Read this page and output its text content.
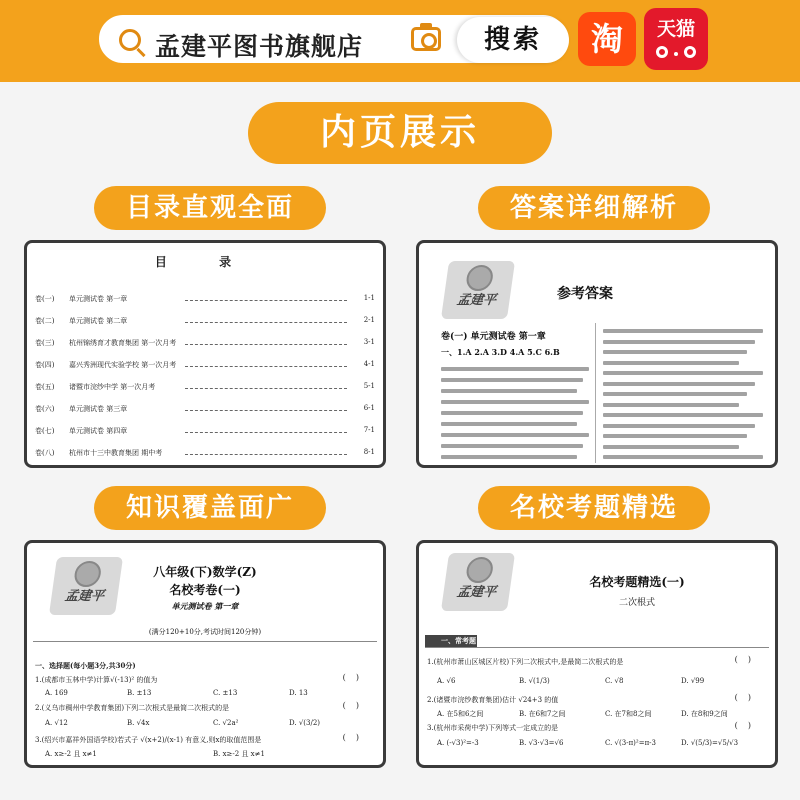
孟建平图书旗舰店	搜索	淘	天猫
内页展示
目录直观全面	答案详细解析
知识覆盖面广	名校考题精选
目 录
卷(一)	单元测试卷 第一章	1-1
卷(二)	单元测试卷 第二章	2-1
卷(三)	杭州锦绣育才教育集团 第一次月考	3-1
卷(四)	嘉兴秀洲现代实验学校 第一次月考	4-1
卷(五)	诸暨市浣纱中学 第一次月考	5-1
卷(六)	单元测试卷 第三章	6-1
卷(七)	单元测试卷 第四章	7-1
卷(八)	杭州市十三中教育集团 期中考	8-1
孟建平	参考答案
卷(一) 单元测试卷 第一章
一、1.A 2.A 3.D 4.A 5.C 6.B
孟建平
八年级(下)数学(Z)
名校考卷(一)
单元测试卷 第一章
(满分120+10分,考试时间120分钟)
一、选择题(每小题3分,共30分)
1.(成都市玉林中学)计算√(-13)² 的值为	(    )
A. 169	B. ±13	C. ±13	D. 13
2.(义乌市稠州中学教育集团)下列二次根式是最简二次根式的是	(    )
A. √12	B. √4x	C. √2a²	D. √(3/2)
3.(绍兴市嘉祥外国语学校)若式子 √(x+2)/(x-1) 有意义,则x的取值范围是	(    )
A. x≥-2 且 x≠1	B. x≥-2 且 x≠1
孟建平
名校考题精选(一)
二次根式
一、常考题
1.(杭州市萧山区城区片校)下列二次根式中,是最简二次根式的是	(    )
A. √6	B. √(1/3)	C. √8	D. √99
2.(诸暨市浣纱教育集团)估计 √24+3 的值	(    )
A. 在5和6之间	B. 在6和7之间	C. 在7和8之间	D. 在8和9之间
3.(杭州市采荷中学)下列等式一定成立的是	(    )
A. (-√3)²=-3	B. √3·√3=√6	C. √(3-π)²=π-3	D. √(5/3)=√5/√3
